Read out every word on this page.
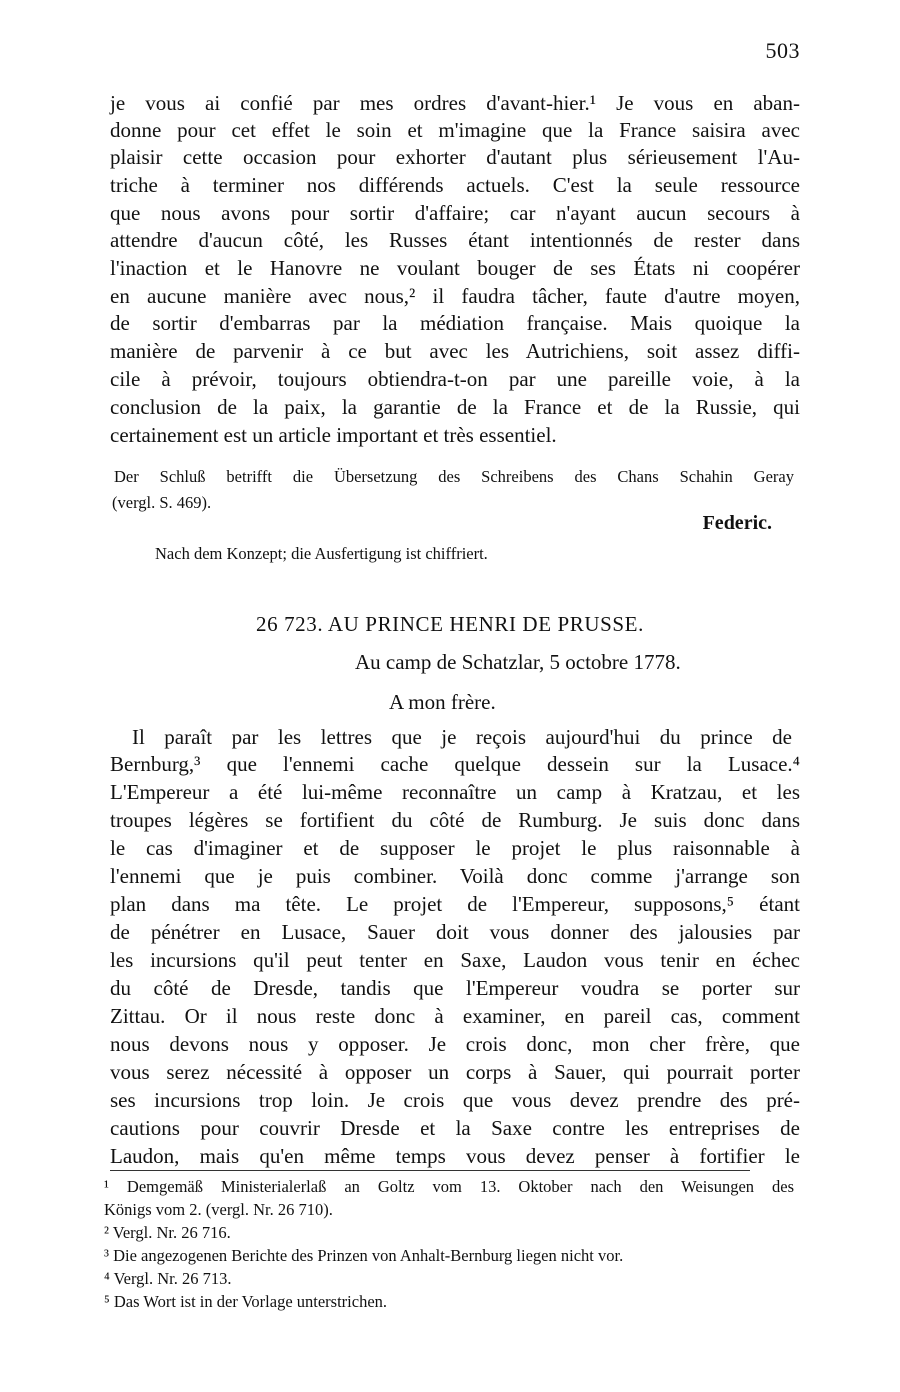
503
je vous ai confié par mes ordres d'avant-hier.¹ Je vous en aban-
donne pour cet effet le soin et m'imagine que la France saisira avec
plaisir cette occasion pour exhorter d'autant plus sérieusement l'Au-
triche à terminer nos différends actuels. C'est la seule ressource
que nous avons pour sortir d'affaire; car n'ayant aucun secours à
attendre d'aucun côté, les Russes étant intentionnés de rester dans
l'inaction et le Hanovre ne voulant bouger de ses États ni coopérer
en aucune manière avec nous,² il faudra tâcher, faute d'autre moyen,
de sortir d'embarras par la médiation française. Mais quoique la
manière de parvenir à ce but avec les Autrichiens, soit assez diffi-
cile à prévoir, toujours obtiendra-t-on par une pareille voie, à la
conclusion de la paix, la garantie de la France et de la Russie, qui
certainement est un article important et très essentiel.
Der Schluß betrifft die Übersetzung des Schreibens des Chans Schahin Geray
(vergl. S. 469).
Federic.
Nach dem Konzept; die Ausfertigung ist chiffriert.
26 723. AU PRINCE HENRI DE PRUSSE.
Au camp de Schatzlar, 5 octobre 1778.
A mon frère.
Il paraît par les lettres que je reçois aujourd'hui du prince de
Bernburg,³ que l'ennemi cache quelque dessein sur la Lusace.⁴
L'Empereur a été lui-même reconnaître un camp à Kratzau, et les
troupes légères se fortifient du côté de Rumburg. Je suis donc dans
le cas d'imaginer et de supposer le projet le plus raisonnable à
l'ennemi que je puis combiner. Voilà donc comme j'arrange son
plan dans ma tête. Le projet de l'Empereur, supposons,⁵ étant
de pénétrer en Lusace, Sauer doit vous donner des jalousies par
les incursions qu'il peut tenter en Saxe, Laudon vous tenir en échec
du côté de Dresde, tandis que l'Empereur voudra se porter sur
Zittau. Or il nous reste donc à examiner, en pareil cas, comment
nous devons nous y opposer. Je crois donc, mon cher frère, que
vous serez nécessité à opposer un corps à Sauer, qui pourrait porter
ses incursions trop loin. Je crois que vous devez prendre des pré-
cautions pour couvrir Dresde et la Saxe contre les entreprises de
Laudon, mais qu'en même temps vous devez penser à fortifier le
¹ Demgemäß Ministerialerlaß an Goltz vom 13. Oktober nach den Weisungen des
Königs vom 2. (vergl. Nr. 26 710).
² Vergl. Nr. 26 716.
³ Die angezogenen Berichte des Prinzen von Anhalt-Bernburg liegen nicht vor.
⁴ Vergl. Nr. 26 713.
⁵ Das Wort ist in der Vorlage unterstrichen.
